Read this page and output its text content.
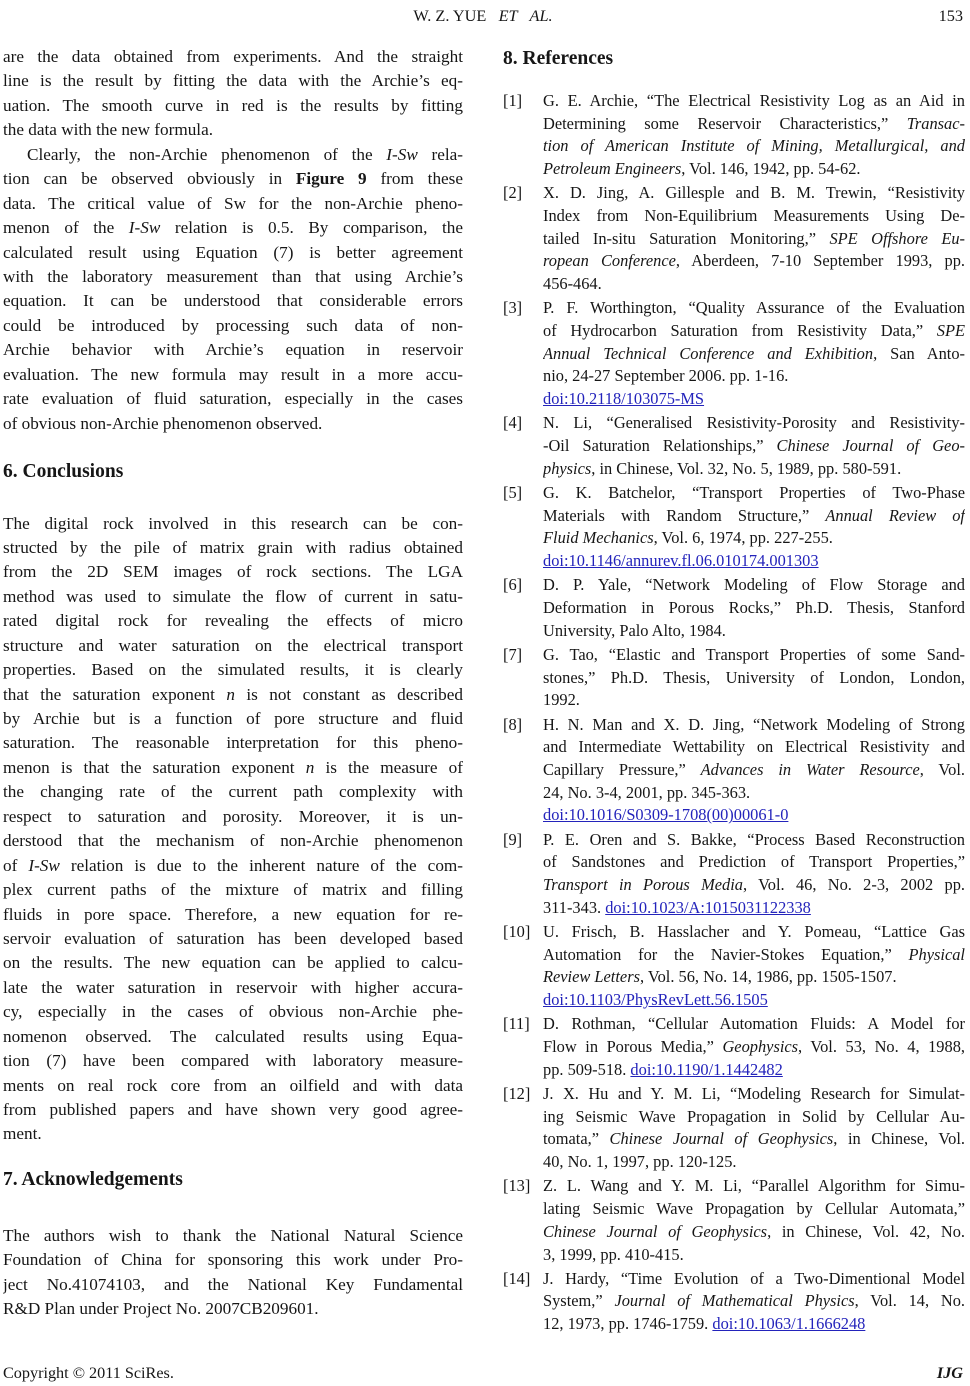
W. Z. YUE   ET   AL.	153
are the data obtained from experiments. And the straight
line is the result by fitting the data with the Archie’s eq-
uation. The smooth curve in red is the results by fitting
the data with the new formula.
Clearly, the non-Archie phenomenon of the I-Sw rela-
tion can be observed obviously in Figure 9 from these
data. The critical value of Sw for the non-Archie pheno-
menon of the I-Sw relation is 0.5. By comparison, the
calculated result using Equation (7) is better agreement
with the laboratory measurement than that using Archie’s
equation. It can be understood that considerable errors
could be introduced by processing such data of non-
Archie behavior with Archie’s equation in reservoir
evaluation. The new formula may result in a more accu-
rate evaluation of fluid saturation, especially in the cases
of obvious non-Archie phenomenon observed.
6. Conclusions
The digital rock involved in this research can be con-
structed by the pile of matrix grain with radius obtained
from the 2D SEM images of rock sections. The LGA
method was used to simulate the flow of current in satu-
rated digital rock for revealing the effects of micro
structure and water saturation on the electrical transport
properties. Based on the simulated results, it is clearly
that the saturation exponent n is not constant as described
by Archie but is a function of pore structure and fluid
saturation. The reasonable interpretation for this pheno-
menon is that the saturation exponent n is the measure of
the changing rate of the current path complexity with
respect to saturation and porosity. Moreover, it is un-
derstood that the mechanism of non-Archie phenomenon
of I-Sw relation is due to the inherent nature of the com-
plex current paths of the mixture of matrix and filling
fluids in pore space. Therefore, a new equation for re-
servoir evaluation of saturation has been developed based
on the results. The new equation can be applied to calcu-
late the water saturation in reservoir with higher accura-
cy, especially in the cases of obvious non-Archie phe-
nomenon observed. The calculated results using Equa-
tion (7) have been compared with laboratory measure-
ments on real rock core from an oilfield and with data
from published papers and have shown very good agree-
ment.
7. Acknowledgements
The authors wish to thank the National Natural Science
Foundation of China for sponsoring this work under Pro-
ject No.41074103, and the National Key Fundamental
R&D Plan under Project No. 2007CB209601.
8. References
[1] G. E. Archie, “The Electrical Resistivity Log as an Aid in
Determining some Reservoir Characteristics,” Transac-
tion of American Institute of Mining, Metallurgical, and
Petroleum Engineers, Vol. 146, 1942, pp. 54-62.
[2] X. D. Jing, A. Gillesple and B. M. Trewin, “Resistivity
Index from Non-Equilibrium Measurements Using De-
tailed In-situ Saturation Monitoring,” SPE Offshore Eu-
ropean Conference, Aberdeen, 7-10 September 1993, pp.
456-464.
[3] P. F. Worthington, “Quality Assurance of the Evaluation
of Hydrocarbon Saturation from Resistivity Data,” SPE
Annual Technical Conference and Exhibition, San Anto-
nio, 24-27 September 2006. pp. 1-16.
doi:10.2118/103075-MS
[4] N. Li, “Generalised Resistivity-Porosity and Resistivity-
-Oil Saturation Relationships,” Chinese Journal of Geo-
physics, in Chinese, Vol. 32, No. 5, 1989, pp. 580-591.
[5] G. K. Batchelor, “Transport Properties of Two-Phase
Materials with Random Structure,” Annual Review of
Fluid Mechanics, Vol. 6, 1974, pp. 227-255.
doi:10.1146/annurev.fl.06.010174.001303
[6] D. P. Yale, “Network Modeling of Flow Storage and
Deformation in Porous Rocks,” Ph.D. Thesis, Stanford
University, Palo Alto, 1984.
[7] G. Tao, “Elastic and Transport Properties of some Sand-
stones,” Ph.D. Thesis, University of London, London,
1992.
[8] H. N. Man and X. D. Jing, “Network Modeling of Strong
and Intermediate Wettability on Electrical Resistivity and
Capillary Pressure,” Advances in Water Resource, Vol.
24, No. 3-4, 2001, pp. 345-363.
doi:10.1016/S0309-1708(00)00061-0
[9] P. E. Oren and S. Bakke, “Process Based Reconstruction
of Sandstones and Prediction of Transport Properties,”
Transport in Porous Media, Vol. 46, No. 2-3, 2002 pp.
311-343. doi:10.1023/A:1015031122338
[10] U. Frisch, B. Hasslacher and Y. Pomeau, “Lattice Gas
Automation for the Navier-Stokes Equation,” Physical
Review Letters, Vol. 56, No. 14, 1986, pp. 1505-1507.
doi:10.1103/PhysRevLett.56.1505
[11] D. Rothman, “Cellular Automation Fluids: A Model for
Flow in Porous Media,” Geophysics, Vol. 53, No. 4, 1988,
pp. 509-518. doi:10.1190/1.1442482
[12] J. X. Hu and Y. M. Li, “Modeling Research for Simulat-
ing Seismic Wave Propagation in Solid by Cellular Au-
tomata,” Chinese Journal of Geophysics, in Chinese, Vol.
40, No. 1, 1997, pp. 120-125.
[13] Z. L. Wang and Y. M. Li, “Parallel Algorithm for Simu-
lating Seismic Wave Propagation by Cellular Automata,”
Chinese Journal of Geophysics, in Chinese, Vol. 42, No.
3, 1999, pp. 410-415.
[14] J. Hardy, “Time Evolution of a Two-Dimentional Model
System,” Journal of Mathematical Physics, Vol. 14, No.
12, 1973, pp. 1746-1759. doi:10.1063/1.1666248
Copyright © 2011 SciRes.	IJG
